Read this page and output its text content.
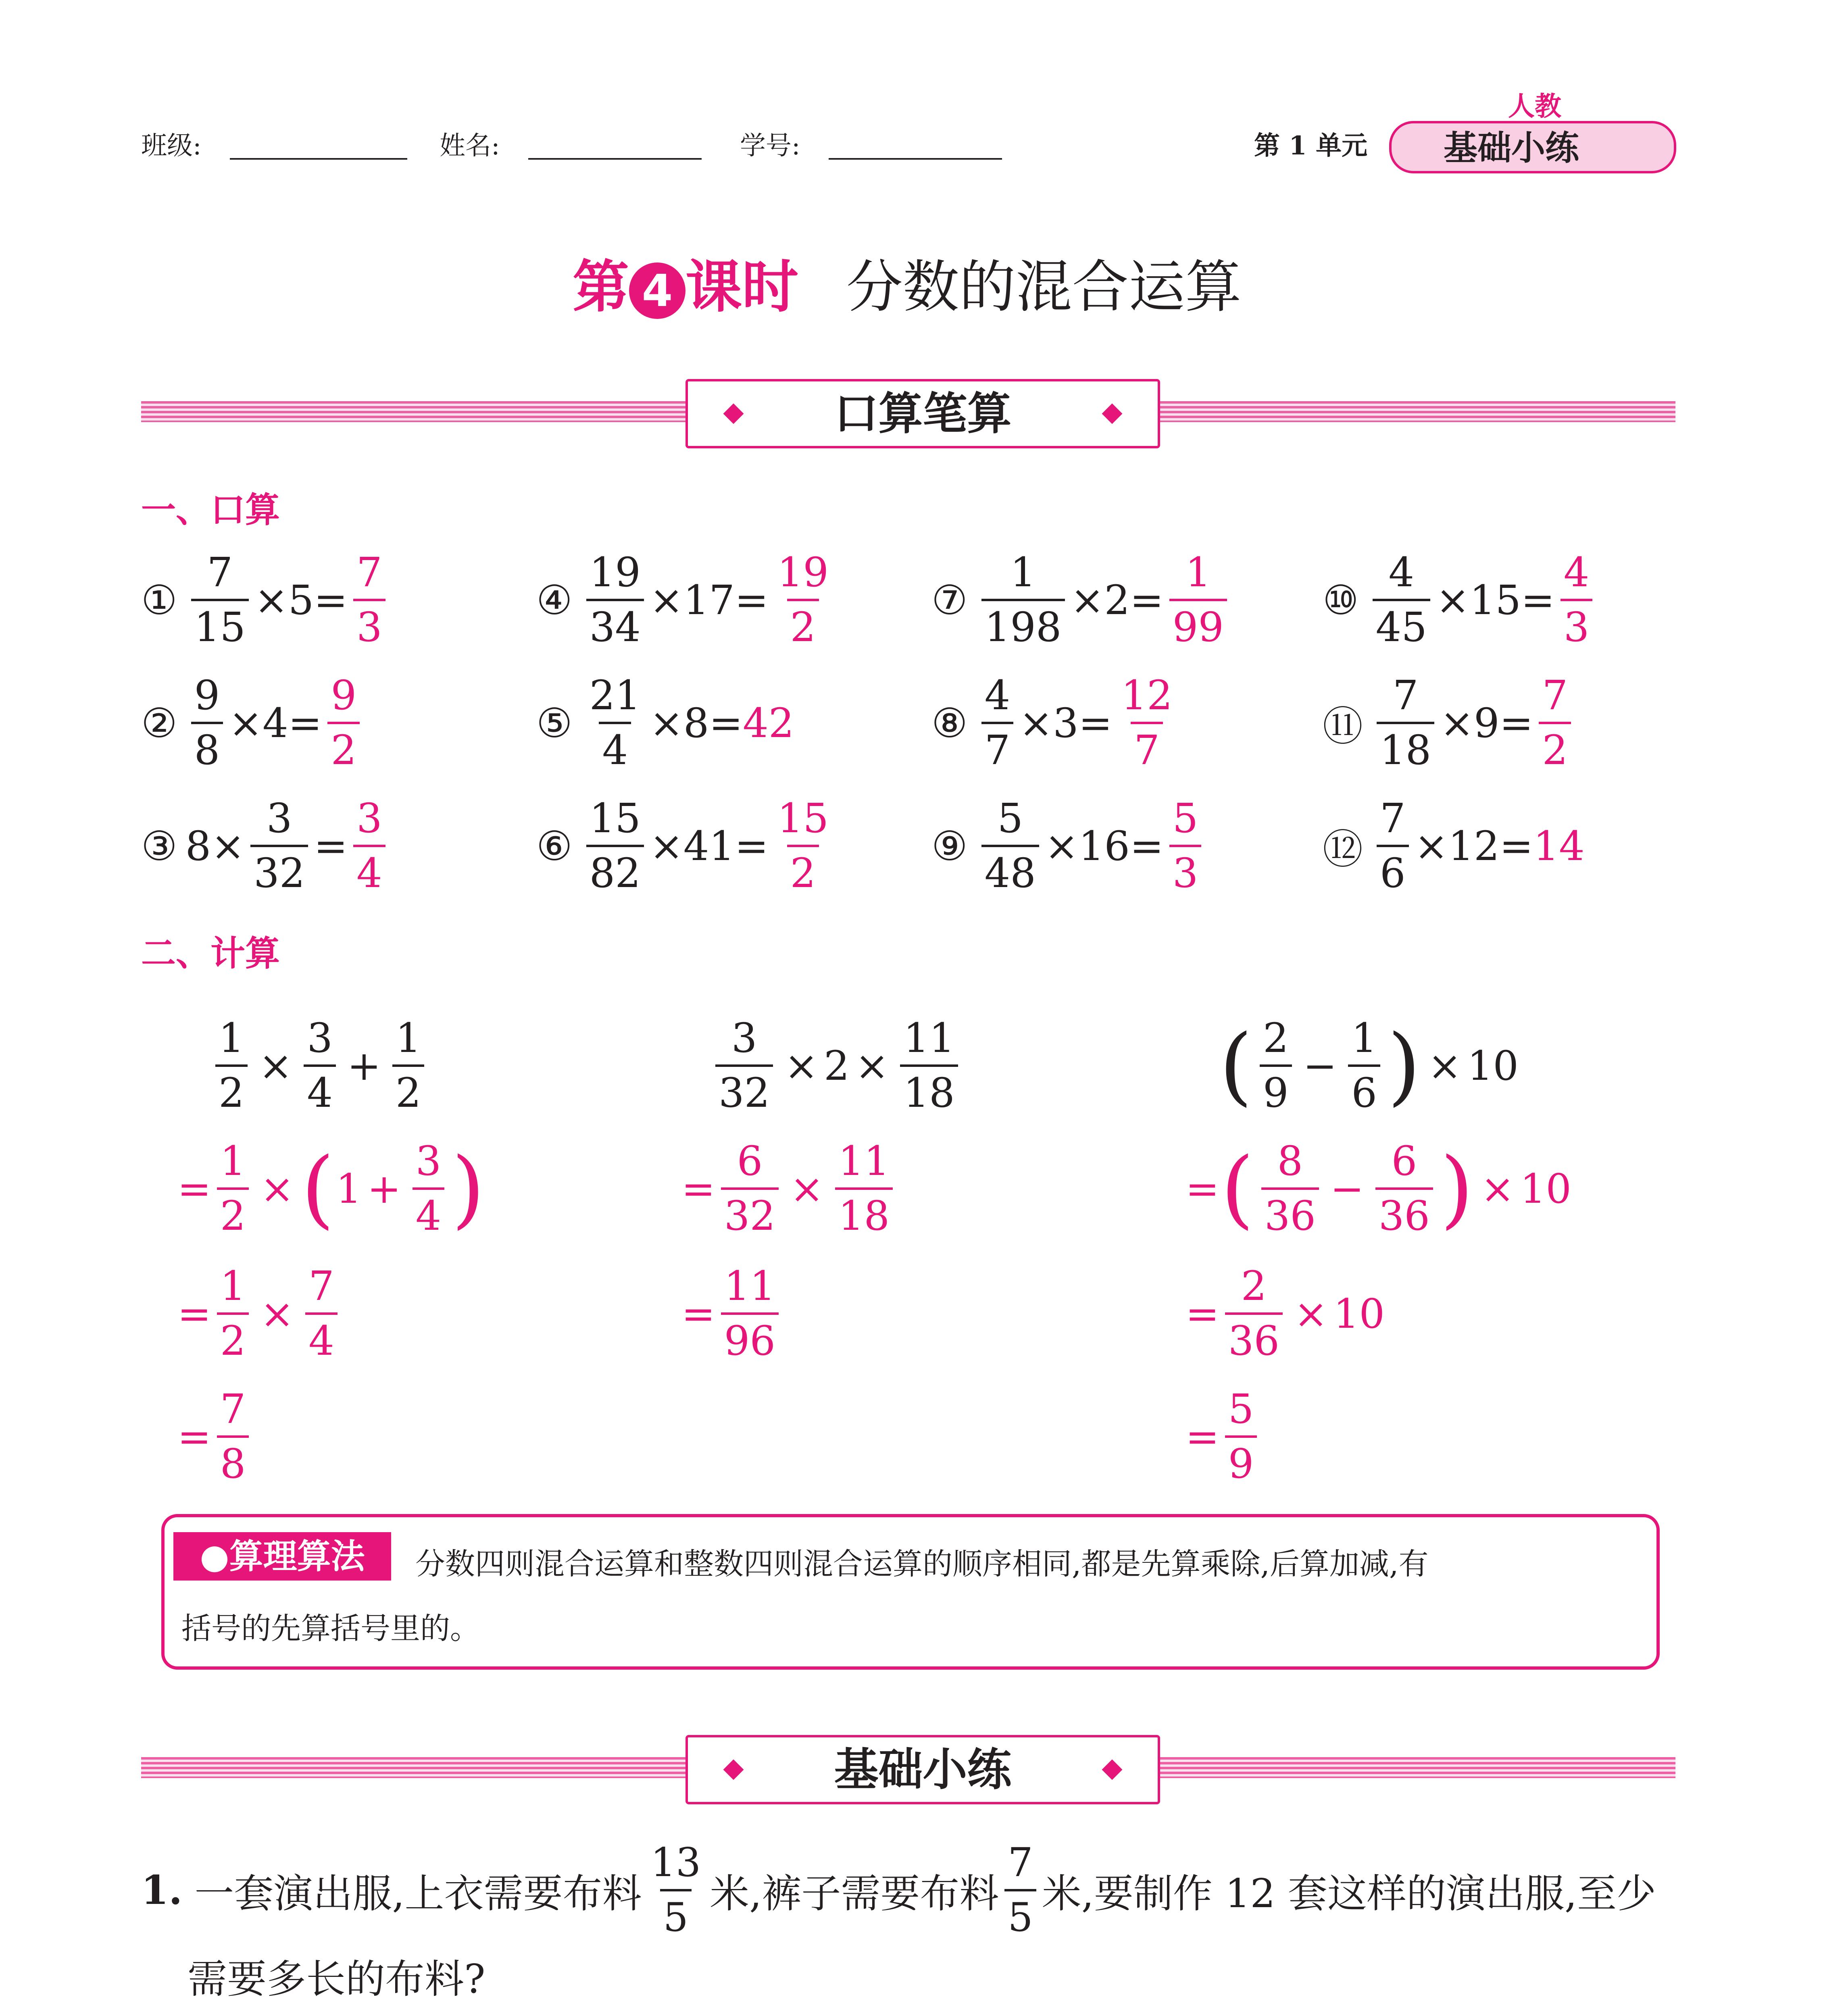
班级:	姓名:	学号:	第 1 单元
人教
基础小练
第 4 课时 分数的混合运算
口算笔算
一、口算
① $\frac{7}{15} \times 5= \frac{7}{3}$	④ $\frac{19}{34} \times 17= \frac{19}{2}$ ⑦ $\frac{1}{198} \times 2= \frac{1}{99}$ ⑩ $\frac{4}{45} \times 15= \frac{4}{3}$
② $\frac{9}{8} \times 4= \frac{9}{2}$	⑤ $\frac{21}{4} \times 8= 42$	⑧ $\frac{4}{7} \times 3= \frac{12}{7}$	⑪ $\frac{7}{18} \times 9= \frac{7}{2}$
③ $8\times \frac{3}{32} = \frac{3}{4}$	⑥ $\frac{15}{82} \times 41= \frac{15}{2}$ ⑨ $\frac{5}{48} \times 16= \frac{5}{3}$	⑫ $\frac{7}{6} \times 12= 14$
二、计算
$\frac{1}{2} \times \frac{3}{4} + \frac{1}{2}$
= $\frac{1}{2}$ × ( $1 + \frac{3}{4}$ )
= $\frac{1}{2} \times \frac{7}{4}$
= $\frac{7}{8}$
$\frac{3}{32} \times 2 \times \frac{11}{18}$
= $\frac{6}{32} \times \frac{11}{18}$
= $\frac{11}{96}$
( $\frac{2}{9} - \frac{1}{6}$ ) × 10
= ( $\frac{8}{36} - \frac{6}{36}$ ) × 10
= $\frac{2}{36} \times 10$
= $\frac{5}{9}$
●算理算法	分数四则混合运算和整数四则混合运算的顺序相同,都是先算乘除,后算加减,有
括号的先算括号里的。
基础小练
1. 一套演出服,上衣需要布料 $\frac{13}{5}$ 米,裤子需要布料 $\frac{7}{5}$ 米,要制作 12 套这样的演出服,至少
需要多长的布料?
